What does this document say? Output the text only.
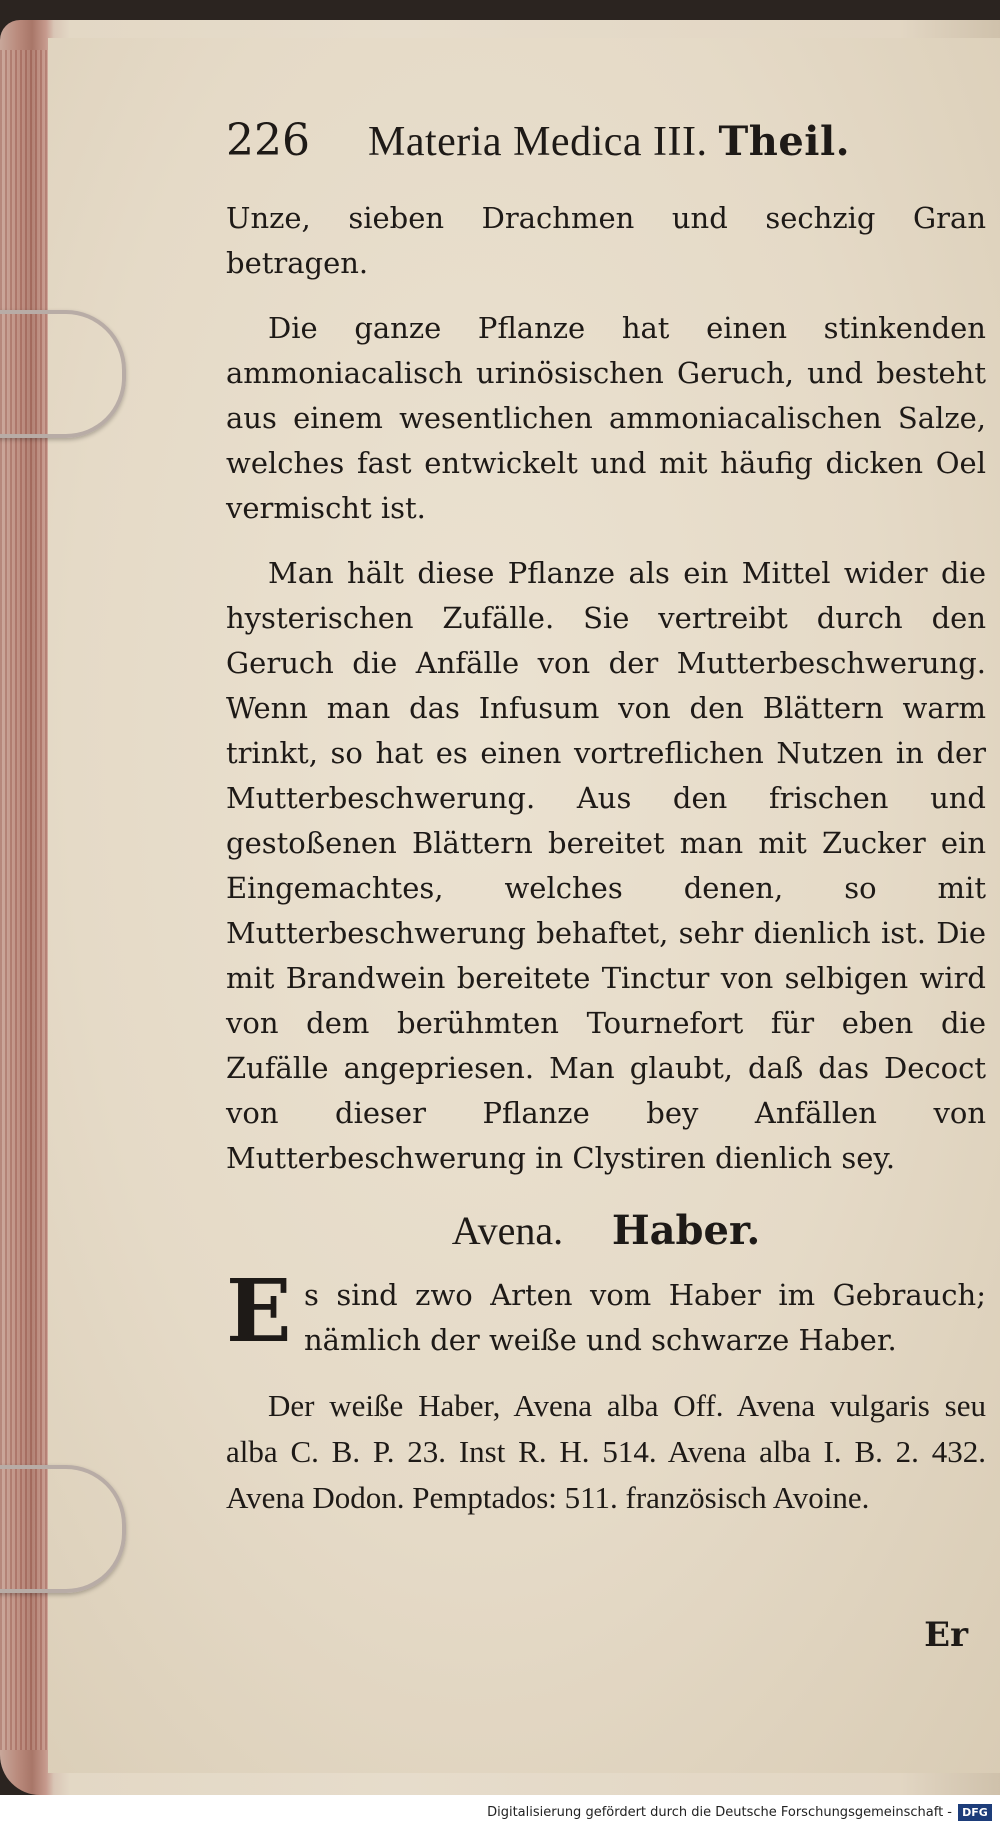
226 Materia Medica III. Theil.

Unze, sieben Drachmen und sechzig Gran betragen.

Die ganze Pflanze hat einen stinkenden ammoniacalisch urinösischen Geruch, und besteht aus einem wesentlichen ammoniacalischen Salze, welches fast entwickelt und mit häufig dicken Oel vermischt ist.

Man hält diese Pflanze als ein Mittel wider die hysterischen Zufälle. Sie vertreibt durch den Geruch die Anfälle von der Mutterbeschwerung. Wenn man das Infusum von den Blättern warm trinkt, so hat es einen vortreflichen Nutzen in der Mutterbeschwerung. Aus den frischen und gestoßenen Blättern bereitet man mit Zucker ein Eingemachtes, welches denen, so mit Mutterbeschwerung behaftet, sehr dienlich ist. Die mit Brandwein bereitete Tinctur von selbigen wird von dem berühmten Tournefort für eben die Zufälle angepriesen. Man glaubt, daß das Decoct von dieser Pflanze bey Anfällen von Mutterbeschwerung in Clystiren dienlich sey.

Avena. Haber.

E s sind zwo Arten vom Haber im Gebrauch; nämlich der weiße und schwarze Haber.

Der weiße Haber, Avena alba Off. Avena vulgaris seu alba C. B. P. 23. Inst R. H. 514. Avena alba I. B. 2. 432. Avena Dodon. Pemptados: 511. französisch Avoine.

Er
Digitalisierung gefördert durch die Deutsche Forschungsgemeinschaft - DFG
